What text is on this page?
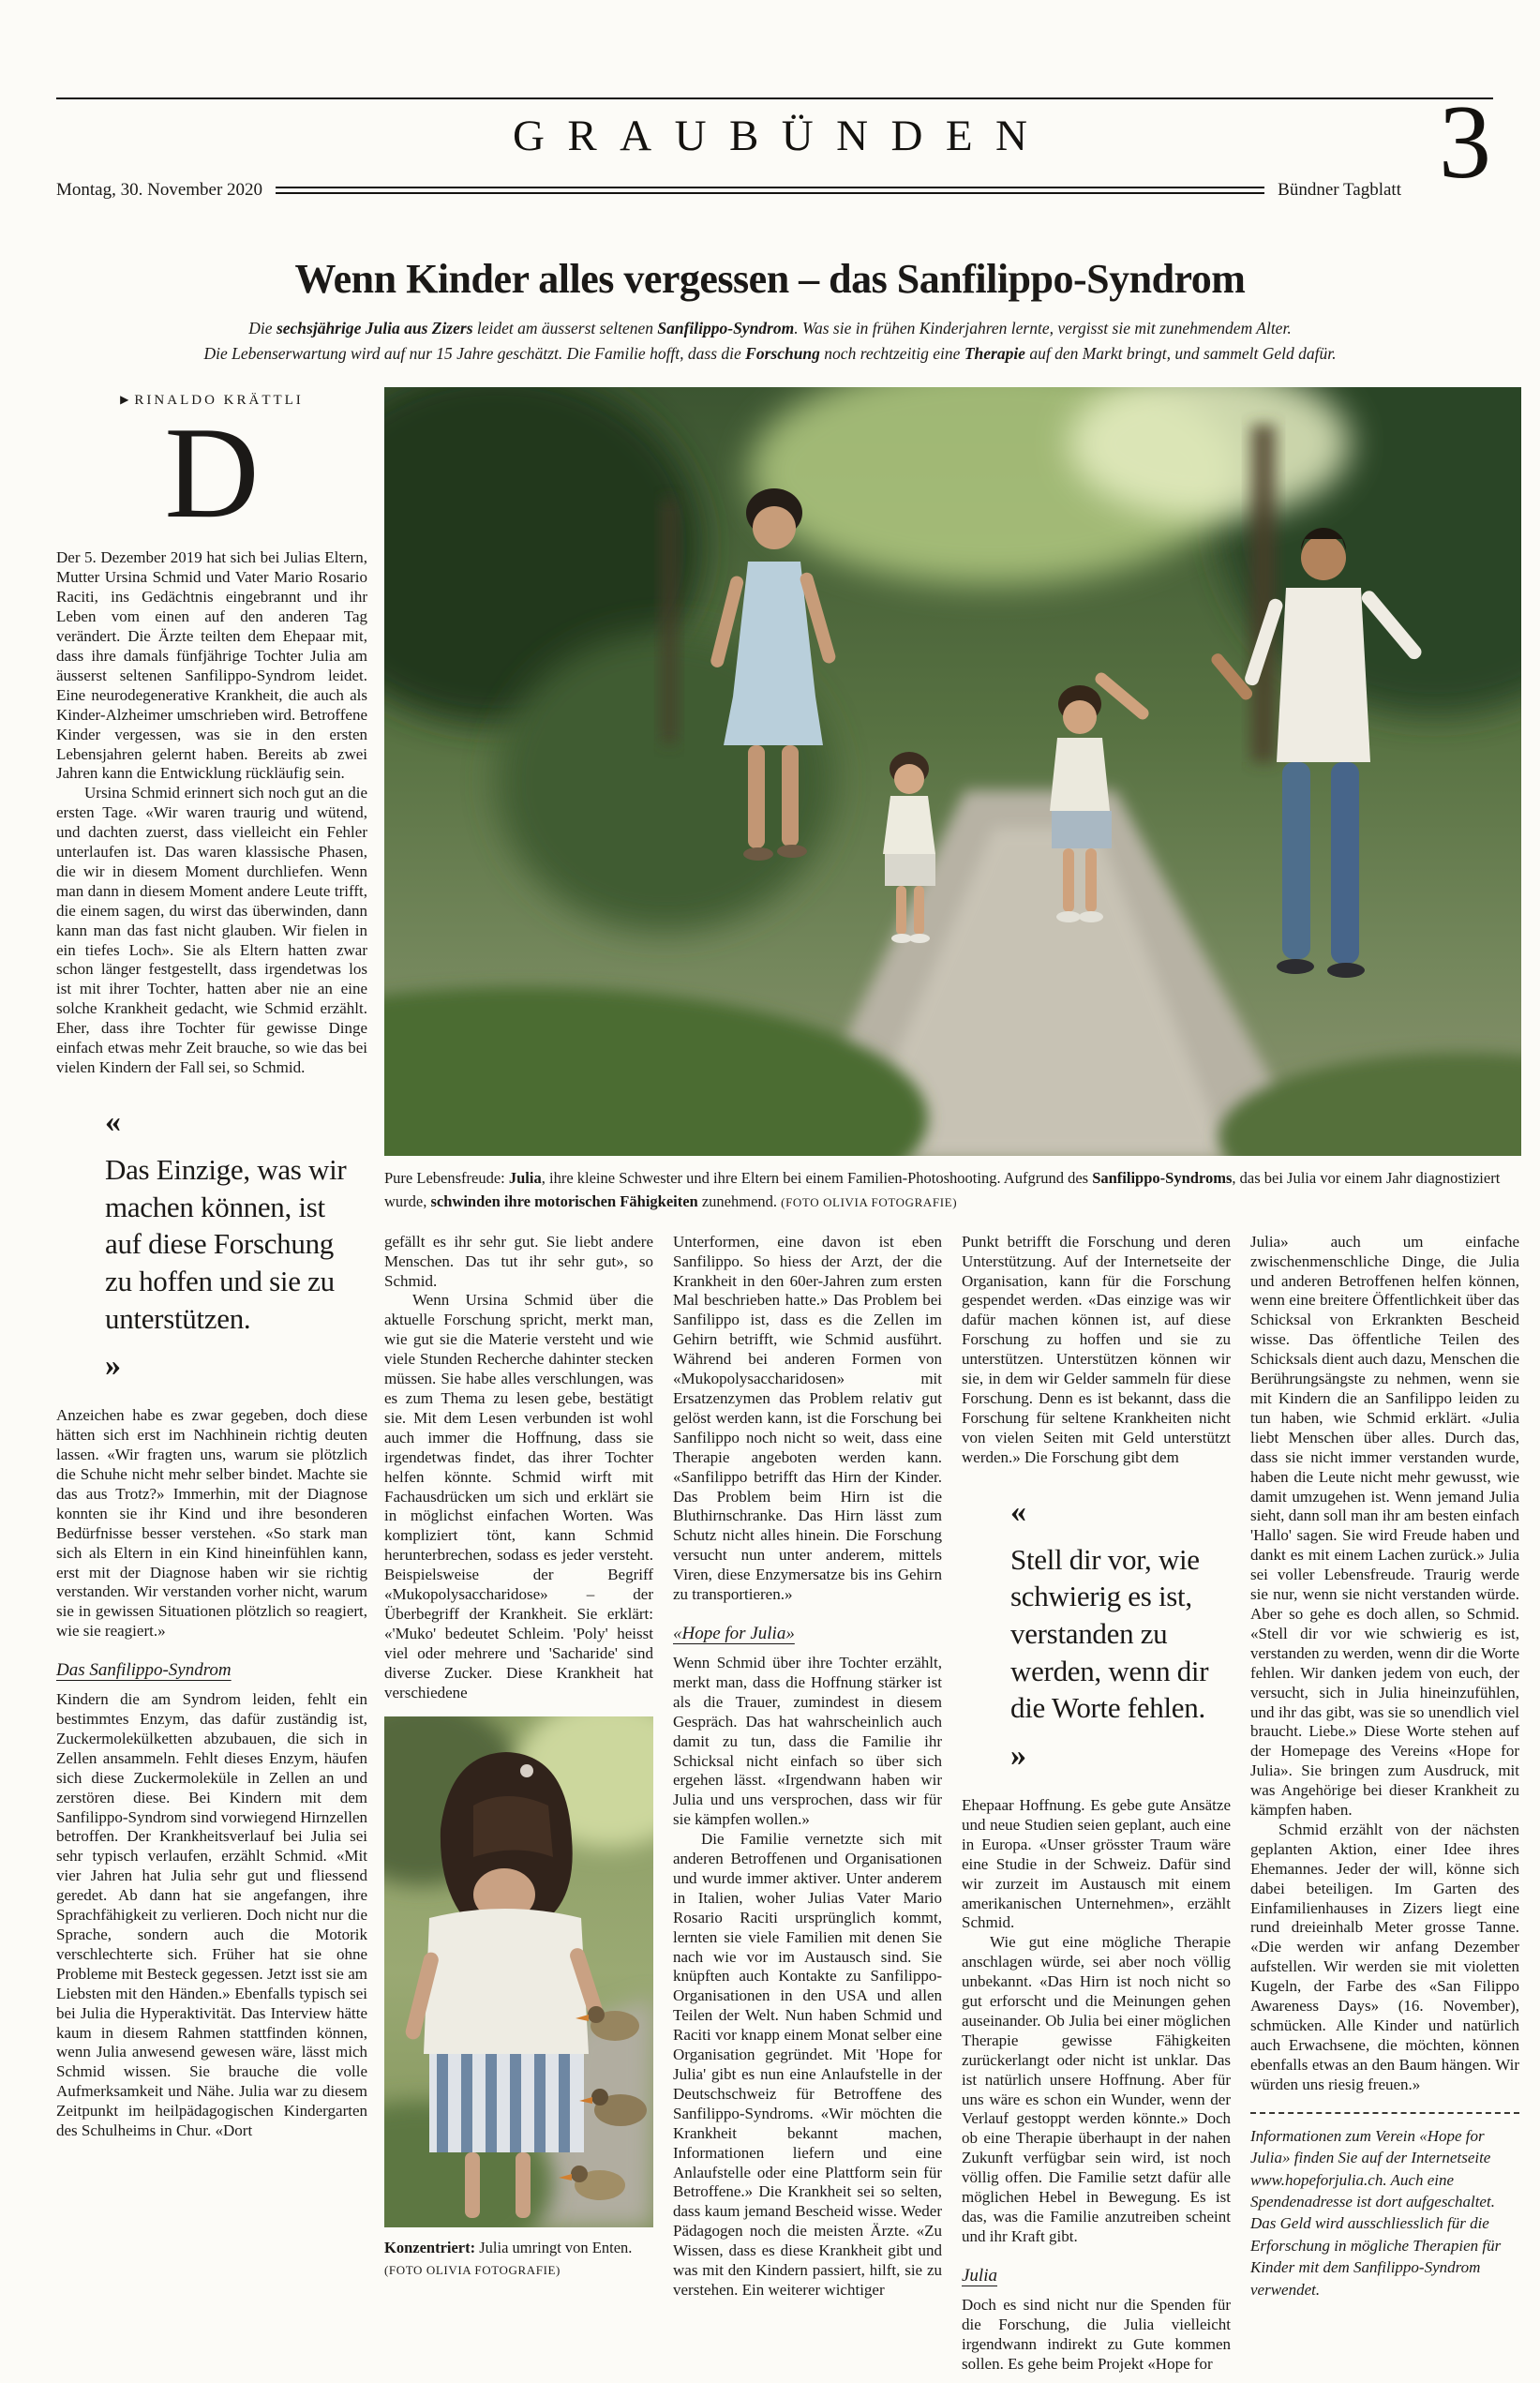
GRAUBÜNDEN
Montag, 30. November 2020	Bündner Tagblatt 3
Wenn Kinder alles vergessen – das Sanfilippo-Syndrom
Die sechsjährige Julia aus Zizers leidet am äusserst seltenen Sanfilippo-Syndrom. Was sie in frühen Kinderjahren lernte, vergisst sie mit zunehmendem Alter.
Die Lebenserwartung wird auf nur 15 Jahre geschätzt. Die Familie hofft, dass die Forschung noch rechtzeitig eine Therapie auf den Markt bringt, und sammelt Geld dafür.
▶ RINALDO KRÄTTLI
D

Der 5. Dezember 2019 hat sich bei Julias Eltern, Mutter Ursina Schmid und Vater Mario Rosario Raciti, ins Gedächtnis eingebrannt und ihr Leben vom einen auf den anderen Tag verändert. Die Ärzte teilten dem Ehepaar mit, dass ihre damals fünfjährige Tochter Julia am äusserst seltenen Sanfilippo-Syndrom leidet. Eine neurodegenerative Krankheit, die auch als Kinder-Alzheimer umschrieben wird. Betroffene Kinder vergessen, was sie in den ersten Lebensjahren gelernt haben. Bereits ab zwei Jahren kann die Entwicklung rückläufig sein.

Ursina Schmid erinnert sich noch gut an die ersten Tage. «Wir waren traurig und wütend, und dachten zuerst, dass vielleicht ein Fehler unterlaufen ist. Das waren klassische Phasen, die wir in diesem Moment durchliefen. Wenn man dann in diesem Moment andere Leute trifft, die einem sagen, du wirst das überwinden, dann kann man das fast nicht glauben. Wir fielen in ein tiefes Loch». Sie als Eltern hatten zwar schon länger festgestellt, dass irgendetwas los ist mit ihrer Tochter, hatten aber nie an eine solche Krankheit gedacht, wie Schmid erzählt. Eher, dass ihre Tochter für gewisse Dinge einfach etwas mehr Zeit brauche, so wie das bei vielen Kindern der Fall sei, so Schmid.

«
Das Einzige, was wir machen können, ist auf diese Forschung zu hoffen und sie zu unterstützen.
»

Anzeichen habe es zwar gegeben, doch diese hätten sich erst im Nachhinein richtig deuten lassen. «Wir fragten uns, warum sie plötzlich die Schuhe nicht mehr selber bindet. Machte sie das aus Trotz?» Immerhin, mit der Diagnose konnten sie ihr Kind und ihre besonderen Bedürfnisse besser verstehen. «So stark man sich als Eltern in ein Kind hineinfühlen kann, erst mit der Diagnose haben wir sie richtig verstanden. Wir verstanden vorher nicht, warum sie in gewissen Situationen plötzlich so reagiert, wie sie reagiert.»

Das Sanfilippo-Syndrom

Kindern die am Syndrom leiden, fehlt ein bestimmtes Enzym, das dafür zuständig ist, Zuckermolekülketten abzubauen, die sich in Zellen ansammeln. Fehlt dieses Enzym, häufen sich diese Zuckermoleküle in Zellen an und zerstören diese. Bei Kindern mit dem Sanfilippo-Syndrom sind vorwiegend Hirnzellen betroffen. Der Krankheitsverlauf bei Julia sei sehr typisch verlaufen, erzählt Schmid. «Mit vier Jahren hat Julia sehr gut und fliessend geredet. Ab dann hat sie angefangen, ihre Sprachfähigkeit zu verlieren. Doch nicht nur die Sprache, sondern auch die Motorik verschlechterte sich. Früher hat sie ohne Probleme mit Besteck gegessen. Jetzt isst sie am Liebsten mit den Händen.» Ebenfalls typisch sei bei Julia die Hyperaktivität. Das Interview hätte kaum in diesem Rahmen stattfinden können, wenn Julia anwesend gewesen wäre, lässt mich Schmid wissen. Sie brauche die volle Aufmerksamkeit und Nähe. Julia war zu diesem Zeitpunkt im heilpädagogischen Kindergarten des Schulheims in Chur. «Dort

Pure Lebensfreude: Julia, ihre kleine Schwester und ihre Eltern bei einem Familien-Photoshooting. Aufgrund des Sanfilippo-Syndroms, das bei Julia vor einem Jahr diagnostiziert wurde, schwinden ihre motorischen Fähigkeiten zunehmend. (FOTO OLIVIA FOTOGRAFIE)

gefällt es ihr sehr gut. Sie liebt andere Menschen. Das tut ihr sehr gut», so Schmid.

Wenn Ursina Schmid über die aktuelle Forschung spricht, merkt man, wie gut sie die Materie versteht und wie viele Stunden Recherche dahinter stecken müssen. Sie habe alles verschlungen, was es zum Thema zu lesen gebe, bestätigt sie. Mit dem Lesen verbunden ist wohl auch immer die Hoffnung, dass sie irgendetwas findet, das ihrer Tochter helfen könnte. Schmid wirft mit Fachausdrücken um sich und erklärt sie in möglichst einfachen Worten. Was kompliziert tönt, kann Schmid herunterbrechen, sodass es jeder versteht. Beispielsweise der Begriff «Mukopolysaccharidose» – der Überbegriff der Krankheit. Sie erklärt: «'Muko' bedeutet Schleim. 'Poly' heisst viel oder mehrere und 'Sacharide' sind diverse Zucker. Diese Krankheit hat verschiedene

Konzentriert: Julia umringt von Enten. (FOTO OLIVIA FOTOGRAFIE)

Unterformen, eine davon ist eben Sanfilippo. So hiess der Arzt, der die Krankheit in den 60er-Jahren zum ersten Mal beschrieben hatte.» Das Problem bei Sanfilippo ist, dass es die Zellen im Gehirn betrifft, wie Schmid ausführt. Während bei anderen Formen von «Mukopolysaccharidosen» mit Ersatzenzymen das Problem relativ gut gelöst werden kann, ist die Forschung bei Sanfilippo noch nicht so weit, dass eine Therapie angeboten werden kann. «Sanfilippo betrifft das Hirn der Kinder. Das Problem beim Hirn ist die Bluthirnschranke. Das Hirn lässt zum Schutz nicht alles hinein. Die Forschung versucht nun unter anderem, mittels Viren, diese Enzymersatze bis ins Gehirn zu transportieren.»

«Hope for Julia»

Wenn Schmid über ihre Tochter erzählt, merkt man, dass die Hoffnung stärker ist als die Trauer, zumindest in diesem Gespräch. Das hat wahrscheinlich auch damit zu tun, dass die Familie ihr Schicksal nicht einfach so über sich ergehen lässt. «Irgendwann haben wir Julia und uns versprochen, dass wir für sie kämpfen wollen.»

Die Familie vernetzte sich mit anderen Betroffenen und Organisationen und wurde immer aktiver. Unter anderem in Italien, woher Julias Vater Mario Rosario Raciti ursprünglich kommt, lernten sie viele Familien mit denen Sie nach wie vor im Austausch sind. Sie knüpften auch Kontakte zu Sanfilippo-Organisationen in den USA und allen Teilen der Welt. Nun haben Schmid und Raciti vor knapp einem Monat selber eine Organisation gegründet. Mit 'Hope for Julia' gibt es nun eine Anlaufstelle in der Deutschschweiz für Betroffene des Sanfilippo-Syndroms. «Wir möchten die Krankheit bekannt machen, Informationen liefern und eine Anlaufstelle oder eine Plattform sein für Betroffene.» Die Krankheit sei so selten, dass kaum jemand Bescheid wisse. Weder Pädagogen noch die meisten Ärzte. «Zu Wissen, dass es diese Krankheit gibt und was mit den Kindern passiert, hilft, sie zu verstehen. Ein weiterer wichtiger

Punkt betrifft die Forschung und deren Unterstützung. Auf der Internetseite der Organisation, kann für die Forschung gespendet werden. «Das einzige was wir dafür machen können ist, auf diese Forschung zu hoffen und sie zu unterstützen. Unterstützen können wir sie, in dem wir Gelder sammeln für diese Forschung. Denn es ist bekannt, dass die Forschung für seltene Krankheiten nicht von vielen Seiten mit Geld unterstützt werden.» Die Forschung gibt dem

«
Stell dir vor, wie schwierig es ist, verstanden zu werden, wenn dir die Worte fehlen.
»

Ehepaar Hoffnung. Es gebe gute Ansätze und neue Studien seien geplant, auch eine in Europa. «Unser grösster Traum wäre eine Studie in der Schweiz. Dafür sind wir zurzeit im Austausch mit einem amerikanischen Unternehmen», erzählt Schmid.

Wie gut eine mögliche Therapie anschlagen würde, sei aber noch völlig unbekannt. «Das Hirn ist noch nicht so gut erforscht und die Meinungen gehen auseinander. Ob Julia bei einer möglichen Therapie gewisse Fähigkeiten zurückerlangt oder nicht ist unklar. Das ist natürlich unsere Hoffnung. Aber für uns wäre es schon ein Wunder, wenn der Verlauf gestoppt werden könnte.» Doch ob eine Therapie überhaupt in der nahen Zukunft verfügbar sein wird, ist noch völlig offen. Die Familie setzt dafür alle möglichen Hebel in Bewegung. Es ist das, was die Familie anzutreiben scheint und ihr Kraft gibt.

Julia

Doch es sind nicht nur die Spenden für die Forschung, die Julia vielleicht irgendwann indirekt zu Gute kommen sollen. Es gehe beim Projekt «Hope for

Julia» auch um einfache zwischenmenschliche Dinge, die Julia und anderen Betroffenen helfen können, wenn eine breitere Öffentlichkeit über das Schicksal von Erkrankten Bescheid wisse. Das öffentliche Teilen des Schicksals dient auch dazu, Menschen die Berührungsängste zu nehmen, wenn sie mit Kindern die an Sanfilippo leiden zu tun haben, wie Schmid erklärt. «Julia liebt Menschen über alles. Durch das, dass sie nicht immer verstanden wurde, haben die Leute nicht mehr gewusst, wie damit umzugehen ist. Wenn jemand Julia sieht, dann soll man ihr am besten einfach 'Hallo' sagen. Sie wird Freude haben und dankt es mit einem Lachen zurück.» Julia sei voller Lebensfreude. Traurig werde sie nur, wenn sie nicht verstanden würde. Aber so gehe es doch allen, so Schmid. «Stell dir vor wie schwierig es ist, verstanden zu werden, wenn dir die Worte fehlen. Wir danken jedem von euch, der versucht, sich in Julia hineinzufühlen, und ihr das gibt, was sie so unendlich viel braucht. Liebe.» Diese Worte stehen auf der Homepage des Vereins «Hope for Julia». Sie bringen zum Ausdruck, mit was Angehörige bei dieser Krankheit zu kämpfen haben.

Schmid erzählt von der nächsten geplanten Aktion, einer Idee ihres Ehemannes. Jeder der will, könne sich dabei beteiligen. Im Garten des Einfamilienhauses in Zizers liegt eine rund dreieinhalb Meter grosse Tanne. «Die werden wir anfang Dezember aufstellen. Wir werden sie mit violetten Kugeln, der Farbe des «San Filippo Awareness Days» (16. November), schmücken. Alle Kinder und natürlich auch Erwachsene, die möchten, können ebenfalls etwas an den Baum hängen. Wir würden uns riesig freuen.»

Informationen zum Verein «Hope for Julia» finden Sie auf der Internetseite www.hopeforjulia.ch. Auch eine Spendenadresse ist dort aufgeschaltet. Das Geld wird ausschliesslich für die Erforschung in mögliche Therapien für Kinder mit dem Sanfilippo-Syndrom verwendet.
